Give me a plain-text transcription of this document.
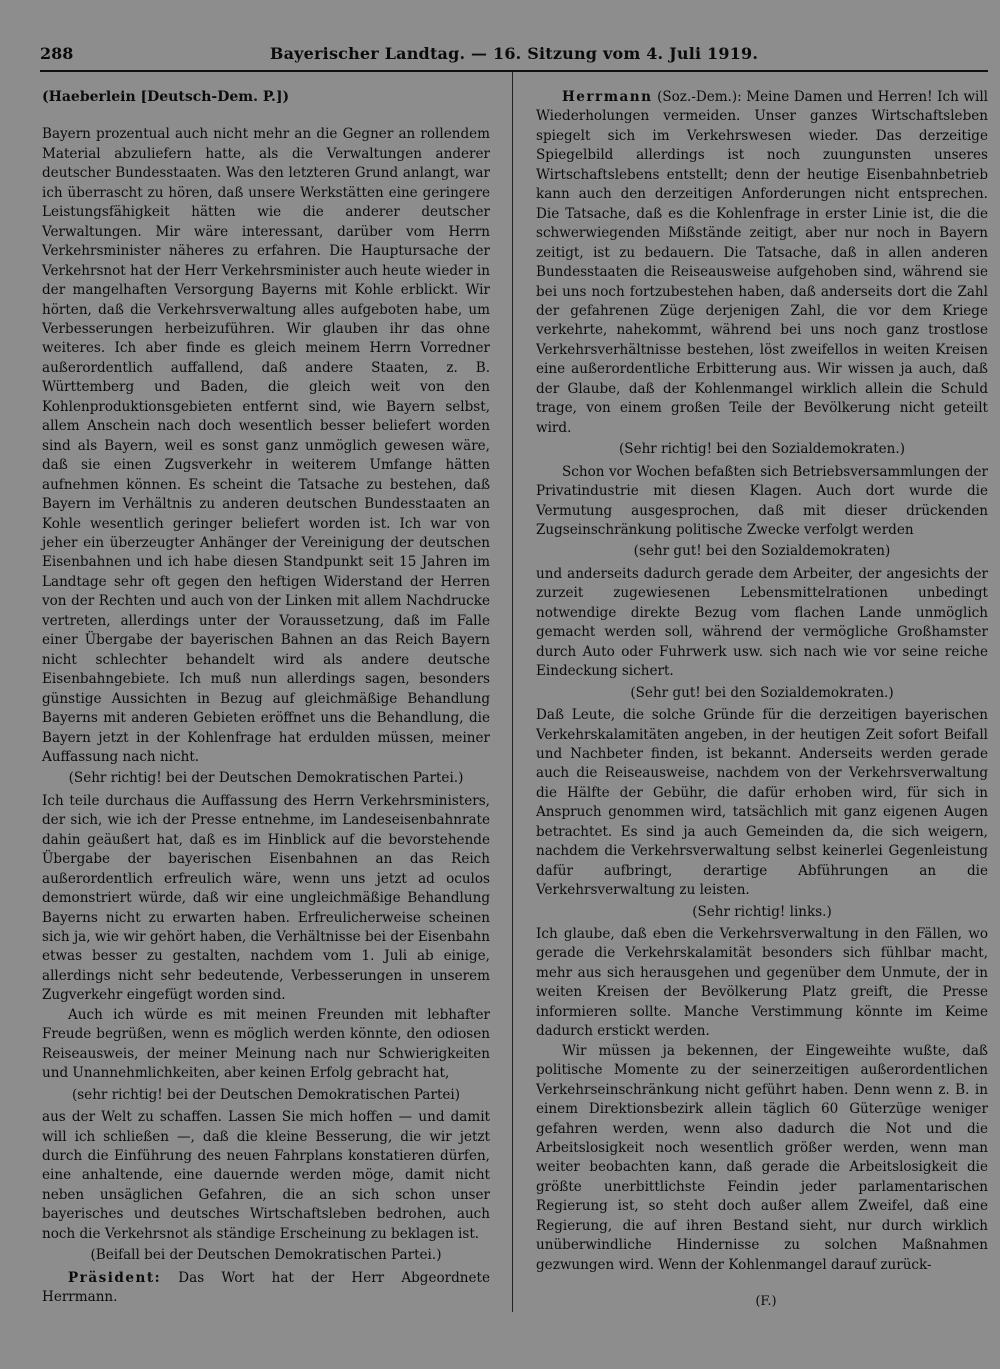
288	Bayerischer Landtag. — 16. Sitzung vom 4. Juli 1919.

(Haeberlein [Deutsch-Dem. P.])

Bayern prozentual auch nicht mehr an die Gegner an rollendem Material abzuliefern hatte, als die Verwaltungen anderer deutscher Bundesstaaten. Was den letzteren Grund anlangt, war ich überrascht zu hören, daß unsere Werkstätten eine geringere Leistungsfähigkeit hätten wie die anderer deutscher Verwaltungen. Mir wäre interessant, darüber vom Herrn Verkehrsminister näheres zu erfahren. Die Hauptursache der Verkehrsnot hat der Herr Verkehrsminister auch heute wieder in der mangelhaften Versorgung Bayerns mit Kohle erblickt. Wir hörten, daß die Verkehrsverwaltung alles aufgeboten habe, um Verbesserungen herbeizuführen. Wir glauben ihr das ohne weiteres. Ich aber finde es gleich meinem Herrn Vorredner außerordentlich auffallend, daß andere Staaten, z. B. Württemberg und Baden, die gleich weit von den Kohlenproduktionsgebieten entfernt sind, wie Bayern selbst, allem Anschein nach doch wesentlich besser beliefert worden sind als Bayern, weil es sonst ganz unmöglich gewesen wäre, daß sie einen Zugsverkehr in weiterem Umfange hätten aufnehmen können. Es scheint die Tatsache zu bestehen, daß Bayern im Verhältnis zu anderen deutschen Bundesstaaten an Kohle wesentlich geringer beliefert worden ist. Ich war von jeher ein überzeugter Anhänger der Vereinigung der deutschen Eisenbahnen und ich habe diesen Standpunkt seit 15 Jahren im Landtage sehr oft gegen den heftigen Widerstand der Herren von der Rechten und auch von der Linken mit allem Nachdrucke vertreten, allerdings unter der Voraussetzung, daß im Falle einer Übergabe der bayerischen Bahnen an das Reich Bayern nicht schlechter behandelt wird als andere deutsche Eisenbahngebiete. Ich muß nun allerdings sagen, besonders günstige Aussichten in Bezug auf gleichmäßige Behandlung Bayerns mit anderen Gebieten eröffnet uns die Behandlung, die Bayern jetzt in der Kohlenfrage hat erdulden müssen, meiner Auffassung nach nicht.

(Sehr richtig! bei der Deutschen Demokratischen Partei.)

Ich teile durchaus die Auffassung des Herrn Verkehrsministers, der sich, wie ich der Presse entnehme, im Landeseisenbahnrate dahin geäußert hat, daß es im Hinblick auf die bevorstehende Übergabe der bayerischen Eisenbahnen an das Reich außerordentlich erfreulich wäre, wenn uns jetzt ad oculos demonstriert würde, daß wir eine ungleichmäßige Behandlung Bayerns nicht zu erwarten haben. Erfreulicherweise scheinen sich ja, wie wir gehört haben, die Verhältnisse bei der Eisenbahn etwas besser zu gestalten, nachdem vom 1. Juli ab einige, allerdings nicht sehr bedeutende, Verbesserungen in unserem Zugverkehr eingefügt worden sind.

Auch ich würde es mit meinen Freunden mit lebhafter Freude begrüßen, wenn es möglich werden könnte, den odiosen Reiseausweis, der meiner Meinung nach nur Schwierigkeiten und Unannehmlichkeiten, aber keinen Erfolg gebracht hat,

(sehr richtig! bei der Deutschen Demokratischen Partei)

aus der Welt zu schaffen. Lassen Sie mich hoffen — und damit will ich schließen —, daß die kleine Besserung, die wir jetzt durch die Einführung des neuen Fahrplans konstatieren dürfen, eine anhaltende, eine dauernde werden möge, damit nicht neben unsäglichen Gefahren, die an sich schon unser bayerisches und deutsches Wirtschaftsleben bedrohen, auch noch die Verkehrsnot als ständige Erscheinung zu beklagen ist.

(Beifall bei der Deutschen Demokratischen Partei.)

Präsident: Das Wort hat der Herr Abgeordnete Herrmann.

Herrmann (Soz.-Dem.): Meine Damen und Herren! Ich will Wiederholungen vermeiden. Unser ganzes Wirtschaftsleben spiegelt sich im Verkehrswesen wieder. Das derzeitige Spiegelbild allerdings ist noch zuungunsten unseres Wirtschaftslebens entstellt; denn der heutige Eisenbahnbetrieb kann auch den derzeitigen Anforderungen nicht entsprechen. Die Tatsache, daß es die Kohlenfrage in erster Linie ist, die die schwerwiegenden Mißstände zeitigt, aber nur noch in Bayern zeitigt, ist zu bedauern. Die Tatsache, daß in allen anderen Bundesstaaten die Reiseausweise aufgehoben sind, während sie bei uns noch fortzubestehen haben, daß anderseits dort die Zahl der gefahrenen Züge derjenigen Zahl, die vor dem Kriege verkehrte, nahekommt, während bei uns noch ganz trostlose Verkehrsverhältnisse bestehen, löst zweifellos in weiten Kreisen eine außerordentliche Erbitterung aus. Wir wissen ja auch, daß der Glaube, daß der Kohlenmangel wirklich allein die Schuld trage, von einem großen Teile der Bevölkerung nicht geteilt wird.

(Sehr richtig! bei den Sozialdemokraten.)

Schon vor Wochen befaßten sich Betriebsversammlungen der Privatindustrie mit diesen Klagen. Auch dort wurde die Vermutung ausgesprochen, daß mit dieser drückenden Zugseinschränkung politische Zwecke verfolgt werden

(sehr gut! bei den Sozialdemokraten)

und anderseits dadurch gerade dem Arbeiter, der angesichts der zurzeit zugewiesenen Lebensmittelrationen unbedingt notwendige direkte Bezug vom flachen Lande unmöglich gemacht werden soll, während der vermögliche Großhamster durch Auto oder Fuhrwerk usw. sich nach wie vor seine reiche Eindeckung sichert.

(Sehr gut! bei den Sozialdemokraten.)

Daß Leute, die solche Gründe für die derzeitigen bayerischen Verkehrskalamitäten angeben, in der heutigen Zeit sofort Beifall und Nachbeter finden, ist bekannt. Anderseits werden gerade auch die Reiseausweise, nachdem von der Verkehrsverwaltung die Hälfte der Gebühr, die dafür erhoben wird, für sich in Anspruch genommen wird, tatsächlich mit ganz eigenen Augen betrachtet. Es sind ja auch Gemeinden da, die sich weigern, nachdem die Verkehrsverwaltung selbst keinerlei Gegenleistung dafür aufbringt, derartige Abführungen an die Verkehrsverwaltung zu leisten.

(Sehr richtig! links.)

Ich glaube, daß eben die Verkehrsverwaltung in den Fällen, wo gerade die Verkehrskalamität besonders sich fühlbar macht, mehr aus sich herausgehen und gegenüber dem Unmute, der in weiten Kreisen der Bevölkerung Platz greift, die Presse informieren sollte. Manche Verstimmung könnte im Keime dadurch erstickt werden.

Wir müssen ja bekennen, der Eingeweihte wußte, daß politische Momente zu der seinerzeitigen außerordentlichen Verkehrseinschränkung nicht geführt haben. Denn wenn z. B. in einem Direktionsbezirk allein täglich 60 Güterzüge weniger gefahren werden, wenn also dadurch die Not und die Arbeitslosigkeit noch wesentlich größer werden, wenn man weiter beobachten kann, daß gerade die Arbeitslosigkeit die größte unerbittlichste Feindin jeder parlamentarischen Regierung ist, so steht doch außer allem Zweifel, daß eine Regierung, die auf ihren Bestand sieht, nur durch wirklich unüberwindliche Hindernisse zu solchen Maßnahmen gezwungen wird. Wenn der Kohlenmangel darauf zurück-

(F.)
